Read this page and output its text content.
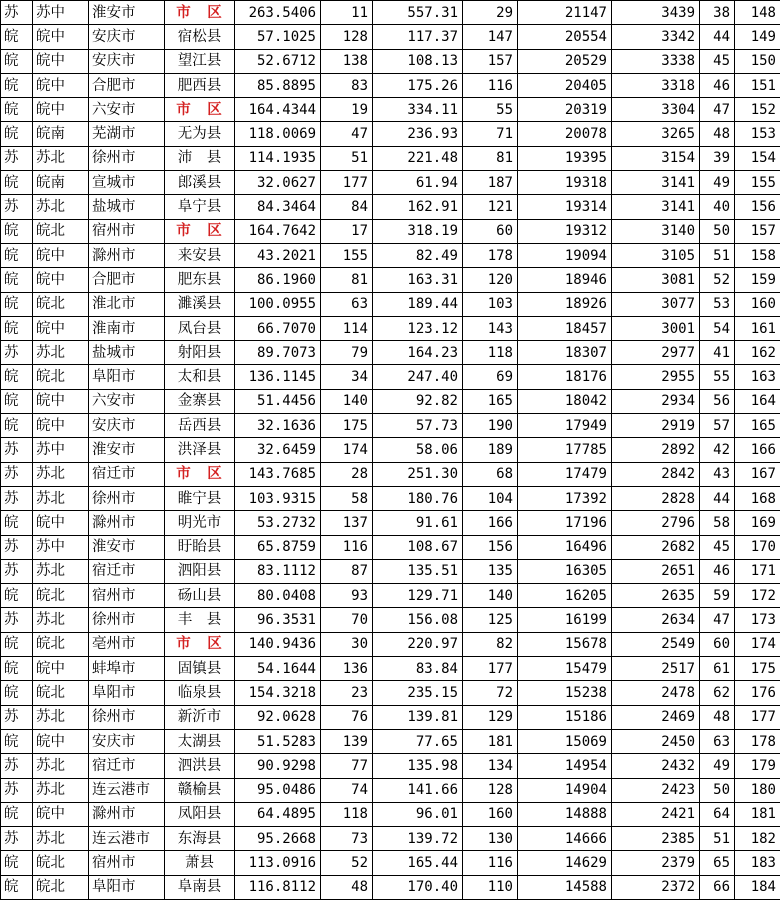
苏	苏中	淮安市	市　区	263.5406	11	557.31	29	21147	3439	38	148
皖	皖中	安庆市	宿松县	57.1025	128	117.37	147	20554	3342	44	149
皖	皖中	安庆市	望江县	52.6712	138	108.13	157	20529	3338	45	150
皖	皖中	合肥市	肥西县	85.8895	83	175.26	116	20405	3318	46	151
皖	皖中	六安市	市　区	164.4344	19	334.11	55	20319	3304	47	152
皖	皖南	芜湖市	无为县	118.0069	47	236.93	71	20078	3265	48	153
苏	苏北	徐州市	沛　县	114.1935	51	221.48	81	19395	3154	39	154
皖	皖南	宣城市	郎溪县	32.0627	177	61.94	187	19318	3141	49	155
苏	苏北	盐城市	阜宁县	84.3464	84	162.91	121	19314	3141	40	156
皖	皖北	宿州市	市　区	164.7642	17	318.19	60	19312	3140	50	157
皖	皖中	滁州市	来安县	43.2021	155	82.49	178	19094	3105	51	158
皖	皖中	合肥市	肥东县	86.1960	81	163.31	120	18946	3081	52	159
皖	皖北	淮北市	濉溪县	100.0955	63	189.44	103	18926	3077	53	160
皖	皖中	淮南市	凤台县	66.7070	114	123.12	143	18457	3001	54	161
苏	苏北	盐城市	射阳县	89.7073	79	164.23	118	18307	2977	41	162
皖	皖北	阜阳市	太和县	136.1145	34	247.40	69	18176	2955	55	163
皖	皖中	六安市	金寨县	51.4456	140	92.82	165	18042	2934	56	164
皖	皖中	安庆市	岳西县	32.1636	175	57.73	190	17949	2919	57	165
苏	苏中	淮安市	洪泽县	32.6459	174	58.06	189	17785	2892	42	166
苏	苏北	宿迁市	市　区	143.7685	28	251.30	68	17479	2842	43	167
苏	苏北	徐州市	睢宁县	103.9315	58	180.76	104	17392	2828	44	168
皖	皖中	滁州市	明光市	53.2732	137	91.61	166	17196	2796	58	169
苏	苏中	淮安市	盱眙县	65.8759	116	108.67	156	16496	2682	45	170
苏	苏北	宿迁市	泗阳县	83.1112	87	135.51	135	16305	2651	46	171
皖	皖北	宿州市	砀山县	80.0408	93	129.71	140	16205	2635	59	172
苏	苏北	徐州市	丰　县	96.3531	70	156.08	125	16199	2634	47	173
皖	皖北	亳州市	市　区	140.9436	30	220.97	82	15678	2549	60	174
皖	皖中	蚌埠市	固镇县	54.1644	136	83.84	177	15479	2517	61	175
皖	皖北	阜阳市	临泉县	154.3218	23	235.15	72	15238	2478	62	176
苏	苏北	徐州市	新沂市	92.0628	76	139.81	129	15186	2469	48	177
皖	皖中	安庆市	太湖县	51.5283	139	77.65	181	15069	2450	63	178
苏	苏北	宿迁市	泗洪县	90.9298	77	135.98	134	14954	2432	49	179
苏	苏北	连云港市	赣榆县	95.0486	74	141.66	128	14904	2423	50	180
皖	皖中	滁州市	凤阳县	64.4895	118	96.01	160	14888	2421	64	181
苏	苏北	连云港市	东海县	95.2668	73	139.72	130	14666	2385	51	182
皖	皖北	宿州市	萧县	113.0916	52	165.44	116	14629	2379	65	183
皖	皖北	阜阳市	阜南县	116.8112	48	170.40	110	14588	2372	66	184
